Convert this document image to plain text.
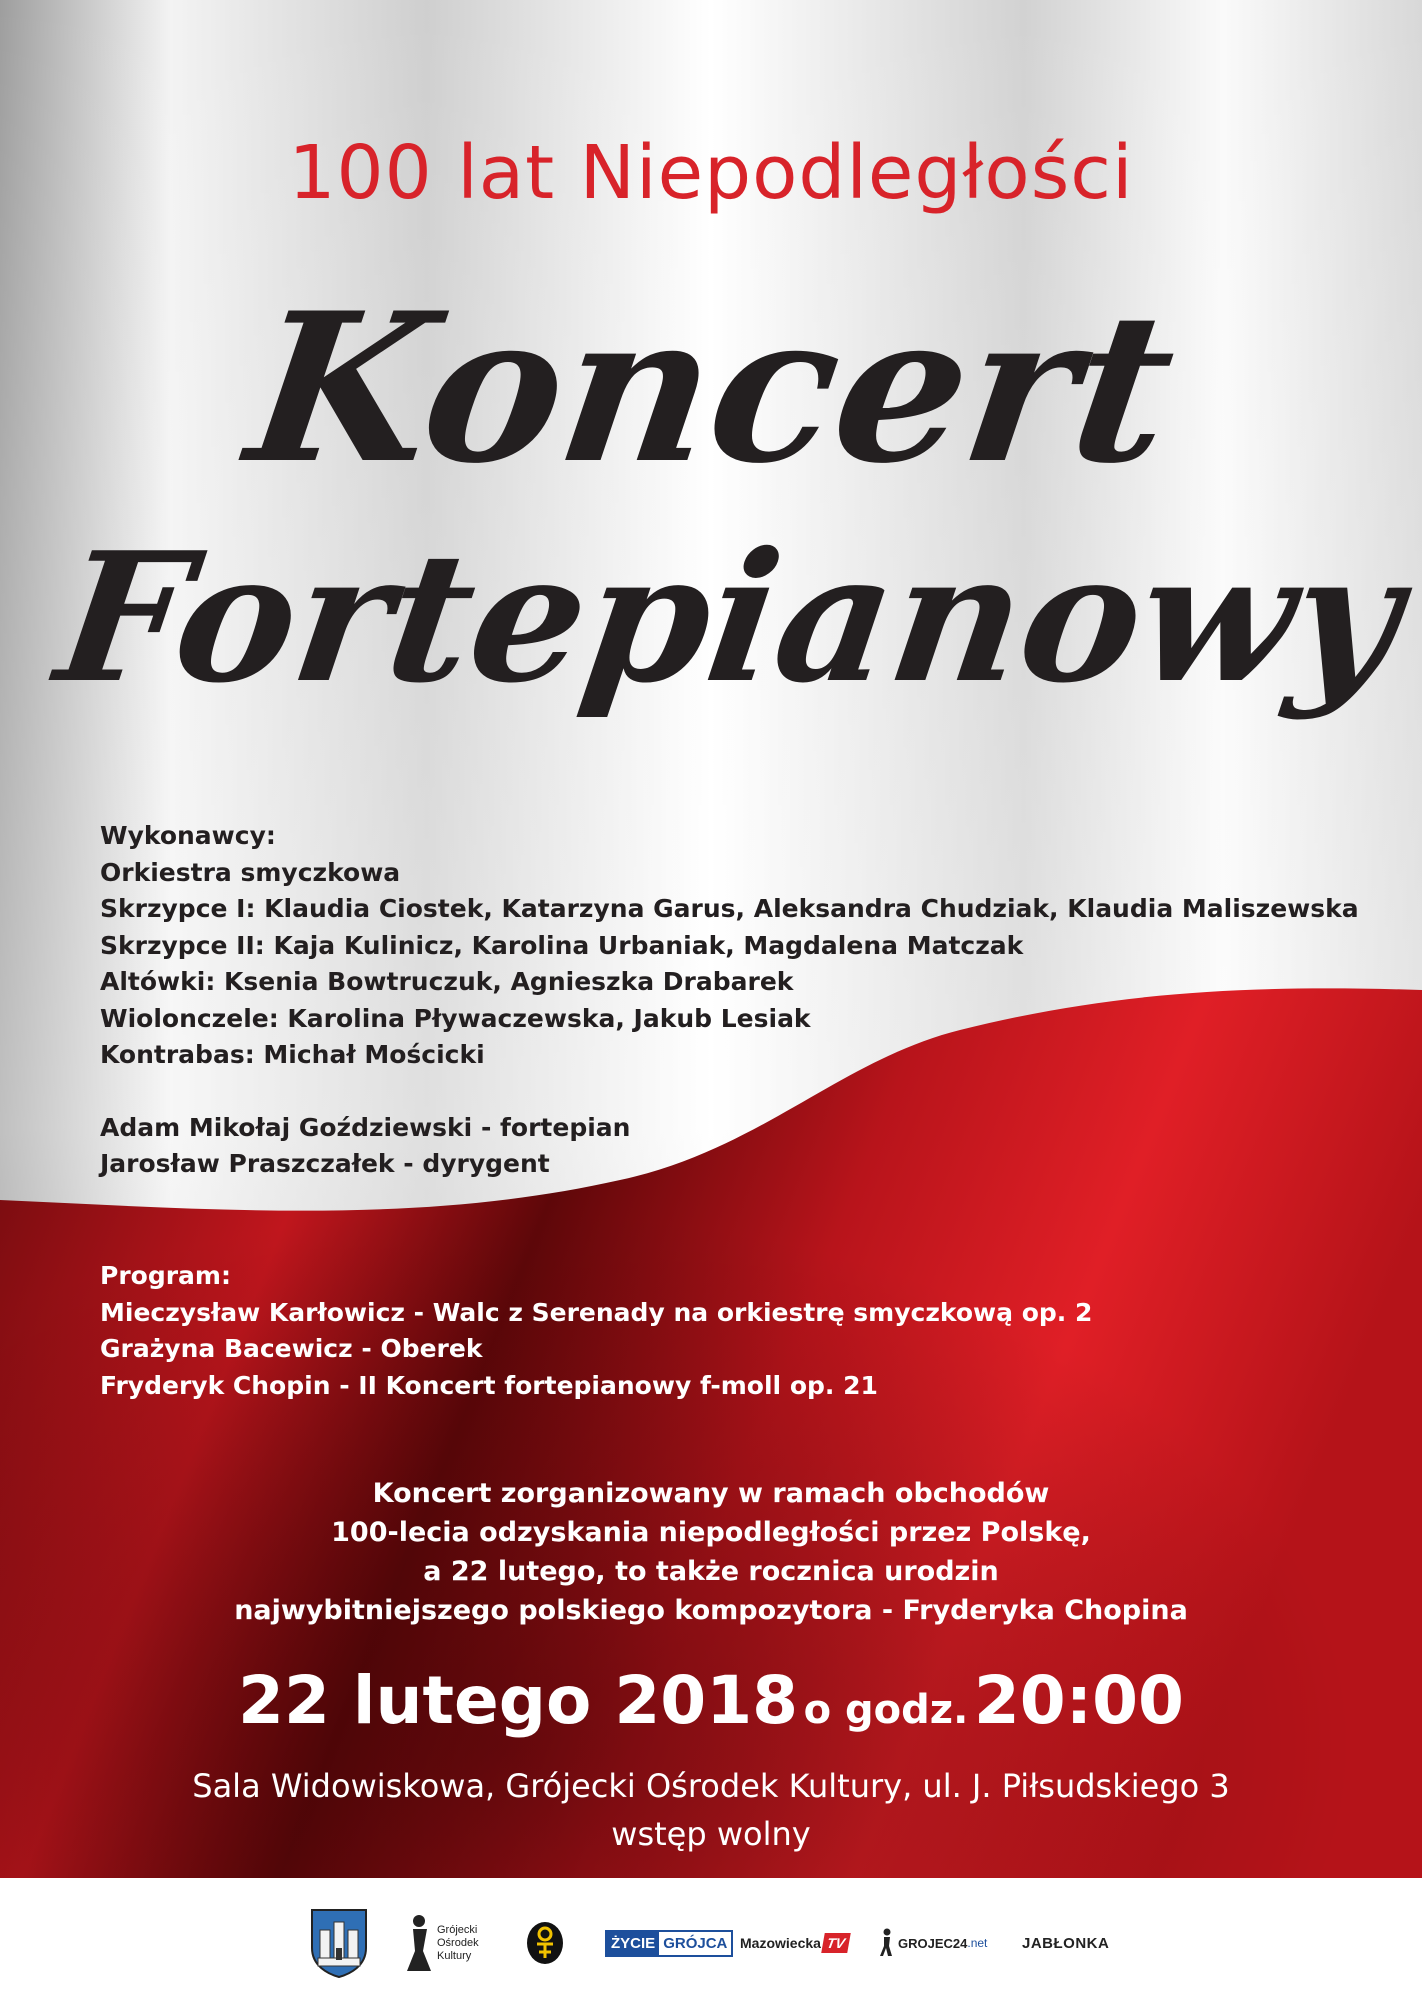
100 lat Niepodległości
Koncert
Fortepianowy
Wykonawcy:
Orkiestra smyczkowa
Skrzypce I: Klaudia Ciostek, Katarzyna Garus, Aleksandra Chudziak, Klaudia Maliszewska
Skrzypce II: Kaja Kulinicz, Karolina Urbaniak, Magdalena Matczak
Altówki: Ksenia Bowtruczuk, Agnieszka Drabarek
Wiolonczele: Karolina Pływaczewska, Jakub Lesiak
Kontrabas: Michał Mościcki
Adam Mikołaj Goździewski - fortepian
Jarosław Praszczałek - dyrygent
Program:
Mieczysław Karłowicz - Walc z Serenady na orkiestrę smyczkową op. 2
Grażyna Bacewicz - Oberek
Fryderyk Chopin - II Koncert fortepianowy f-moll op. 21
Koncert zorganizowany w ramach obchodów
100-lecia odzyskania niepodległości przez Polskę,
a 22 lutego, to także rocznica urodzin
najwybitniejszego polskiego kompozytora - Fryderyka Chopina
22 lutego 2018 o godz. 20:00
Sala Widowiskowa, Grójecki Ośrodek Kultury, ul. J. Piłsudskiego 3
wstęp wolny
Grójecki
Ośrodek
Kultury
ŻYCIE GRÓJCA Mazowiecka TV	GROJEC24 .net JABŁONKA
